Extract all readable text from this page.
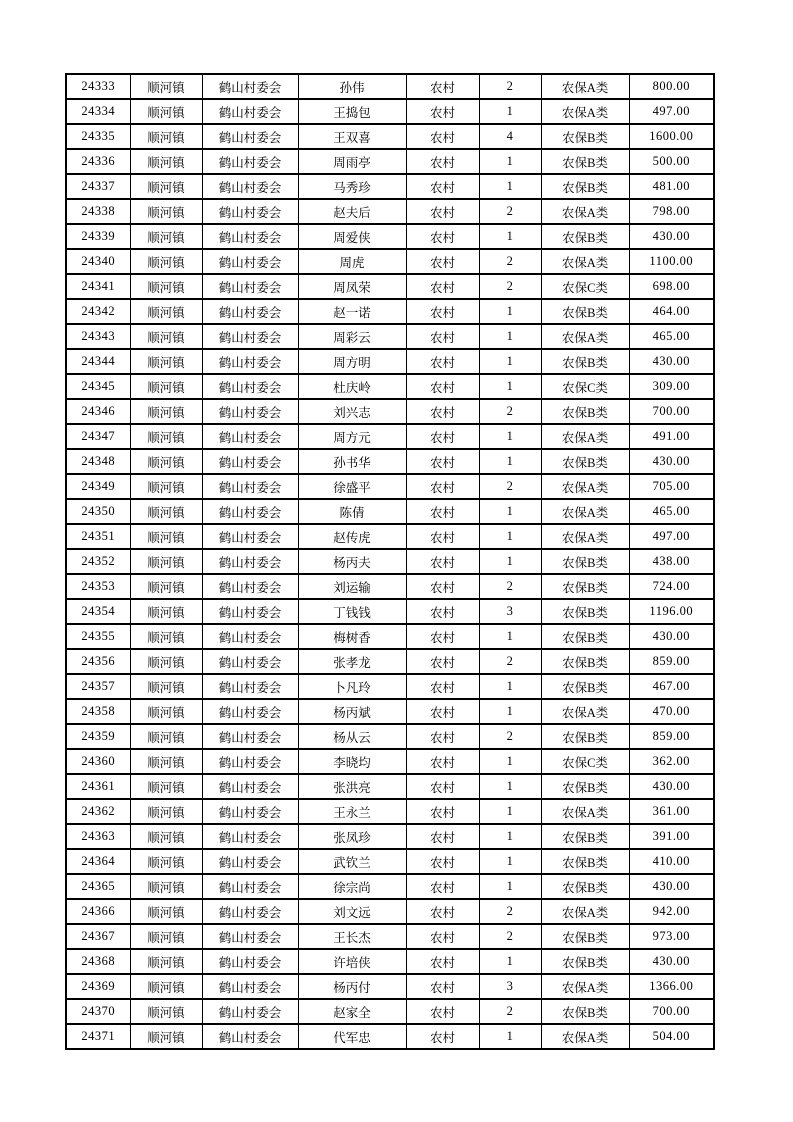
24333	顺河镇	鹤山村委会	孙伟	农村	2	农保A类	800.00
24334	顺河镇	鹤山村委会	王捣包	农村	1	农保A类	497.00
24335	顺河镇	鹤山村委会	王双喜	农村	4	农保B类	1600.00
24336	顺河镇	鹤山村委会	周雨亭	农村	1	农保B类	500.00
24337	顺河镇	鹤山村委会	马秀珍	农村	1	农保B类	481.00
24338	顺河镇	鹤山村委会	赵夫后	农村	2	农保A类	798.00
24339	顺河镇	鹤山村委会	周爱侠	农村	1	农保B类	430.00
24340	顺河镇	鹤山村委会	周虎	农村	2	农保A类	1100.00
24341	顺河镇	鹤山村委会	周凤荣	农村	2	农保C类	698.00
24342	顺河镇	鹤山村委会	赵一诺	农村	1	农保B类	464.00
24343	顺河镇	鹤山村委会	周彩云	农村	1	农保A类	465.00
24344	顺河镇	鹤山村委会	周方明	农村	1	农保B类	430.00
24345	顺河镇	鹤山村委会	杜庆岭	农村	1	农保C类	309.00
24346	顺河镇	鹤山村委会	刘兴志	农村	2	农保B类	700.00
24347	顺河镇	鹤山村委会	周方元	农村	1	农保A类	491.00
24348	顺河镇	鹤山村委会	孙书华	农村	1	农保B类	430.00
24349	顺河镇	鹤山村委会	徐盛平	农村	2	农保A类	705.00
24350	顺河镇	鹤山村委会	陈倩	农村	1	农保A类	465.00
24351	顺河镇	鹤山村委会	赵传虎	农村	1	农保A类	497.00
24352	顺河镇	鹤山村委会	杨丙夫	农村	1	农保B类	438.00
24353	顺河镇	鹤山村委会	刘运输	农村	2	农保B类	724.00
24354	顺河镇	鹤山村委会	丁钱钱	农村	3	农保B类	1196.00
24355	顺河镇	鹤山村委会	梅树香	农村	1	农保B类	430.00
24356	顺河镇	鹤山村委会	张孝龙	农村	2	农保B类	859.00
24357	顺河镇	鹤山村委会	卜凡玲	农村	1	农保B类	467.00
24358	顺河镇	鹤山村委会	杨丙斌	农村	1	农保A类	470.00
24359	顺河镇	鹤山村委会	杨从云	农村	2	农保B类	859.00
24360	顺河镇	鹤山村委会	李晓均	农村	1	农保C类	362.00
24361	顺河镇	鹤山村委会	张洪亮	农村	1	农保B类	430.00
24362	顺河镇	鹤山村委会	王永兰	农村	1	农保A类	361.00
24363	顺河镇	鹤山村委会	张凤珍	农村	1	农保B类	391.00
24364	顺河镇	鹤山村委会	武钦兰	农村	1	农保B类	410.00
24365	顺河镇	鹤山村委会	徐宗尚	农村	1	农保B类	430.00
24366	顺河镇	鹤山村委会	刘文远	农村	2	农保A类	942.00
24367	顺河镇	鹤山村委会	王长杰	农村	2	农保B类	973.00
24368	顺河镇	鹤山村委会	许培侠	农村	1	农保B类	430.00
24369	顺河镇	鹤山村委会	杨丙付	农村	3	农保A类	1366.00
24370	顺河镇	鹤山村委会	赵家全	农村	2	农保B类	700.00
24371	顺河镇	鹤山村委会	代军忠	农村	1	农保A类	504.00
